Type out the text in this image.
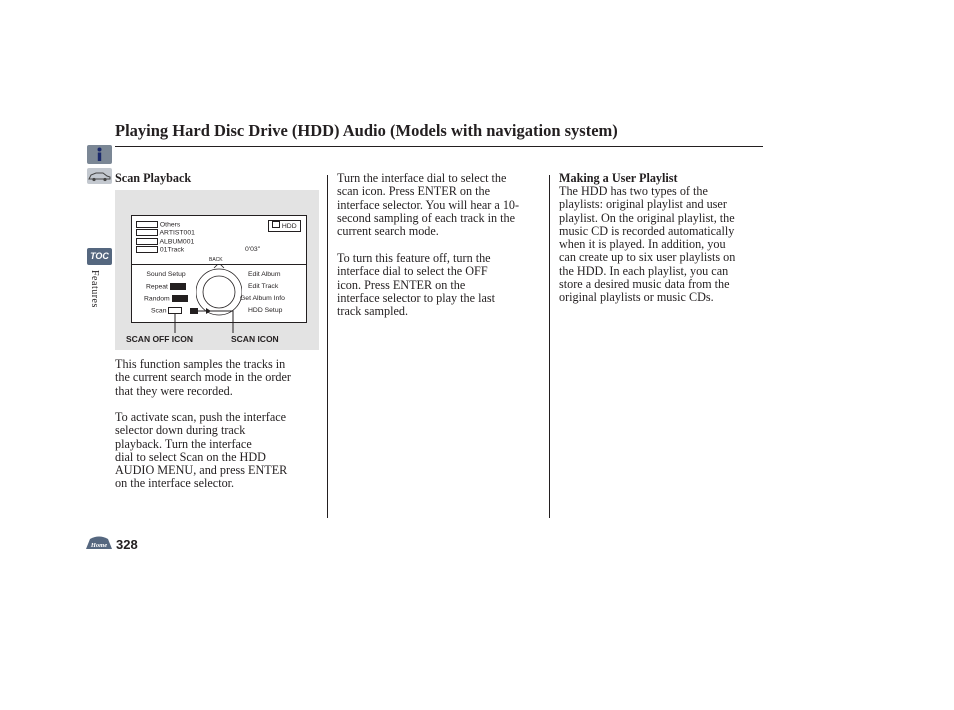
Playing Hard Disc Drive (HDD) Audio (Models with navigation system)
TOC
Features
Home 328
Scan Playback
Others
ARTIST001
ALBUM001
01Track
HDD
0'03''
BACK
Sound Setup
Repeat
Random
Scan
Edit Album
Edit Track
Get Album Info
HDD Setup
SCAN OFF ICON	SCAN ICON
This function samples the tracks in
the current search mode in the order
that they were recorded.
To activate scan, push the interface
selector down during track
playback. Turn the interface
dial to select Scan on the HDD
AUDIO MENU, and press ENTER
on the interface selector.
Turn the interface dial to select the
scan icon. Press ENTER on the
interface selector. You will hear a 10-
second sampling of each track in the
current search mode.
To turn this feature off, turn the
interface dial to select the OFF
icon. Press ENTER on the
interface selector to play the last
track sampled.
Making a User Playlist
The HDD has two types of the
playlists: original playlist and user
playlist. On the original playlist, the
music CD is recorded automatically
when it is played. In addition, you
can create up to six user playlists on
the HDD. In each playlist, you can
store a desired music data from the
original playlists or music CDs.
